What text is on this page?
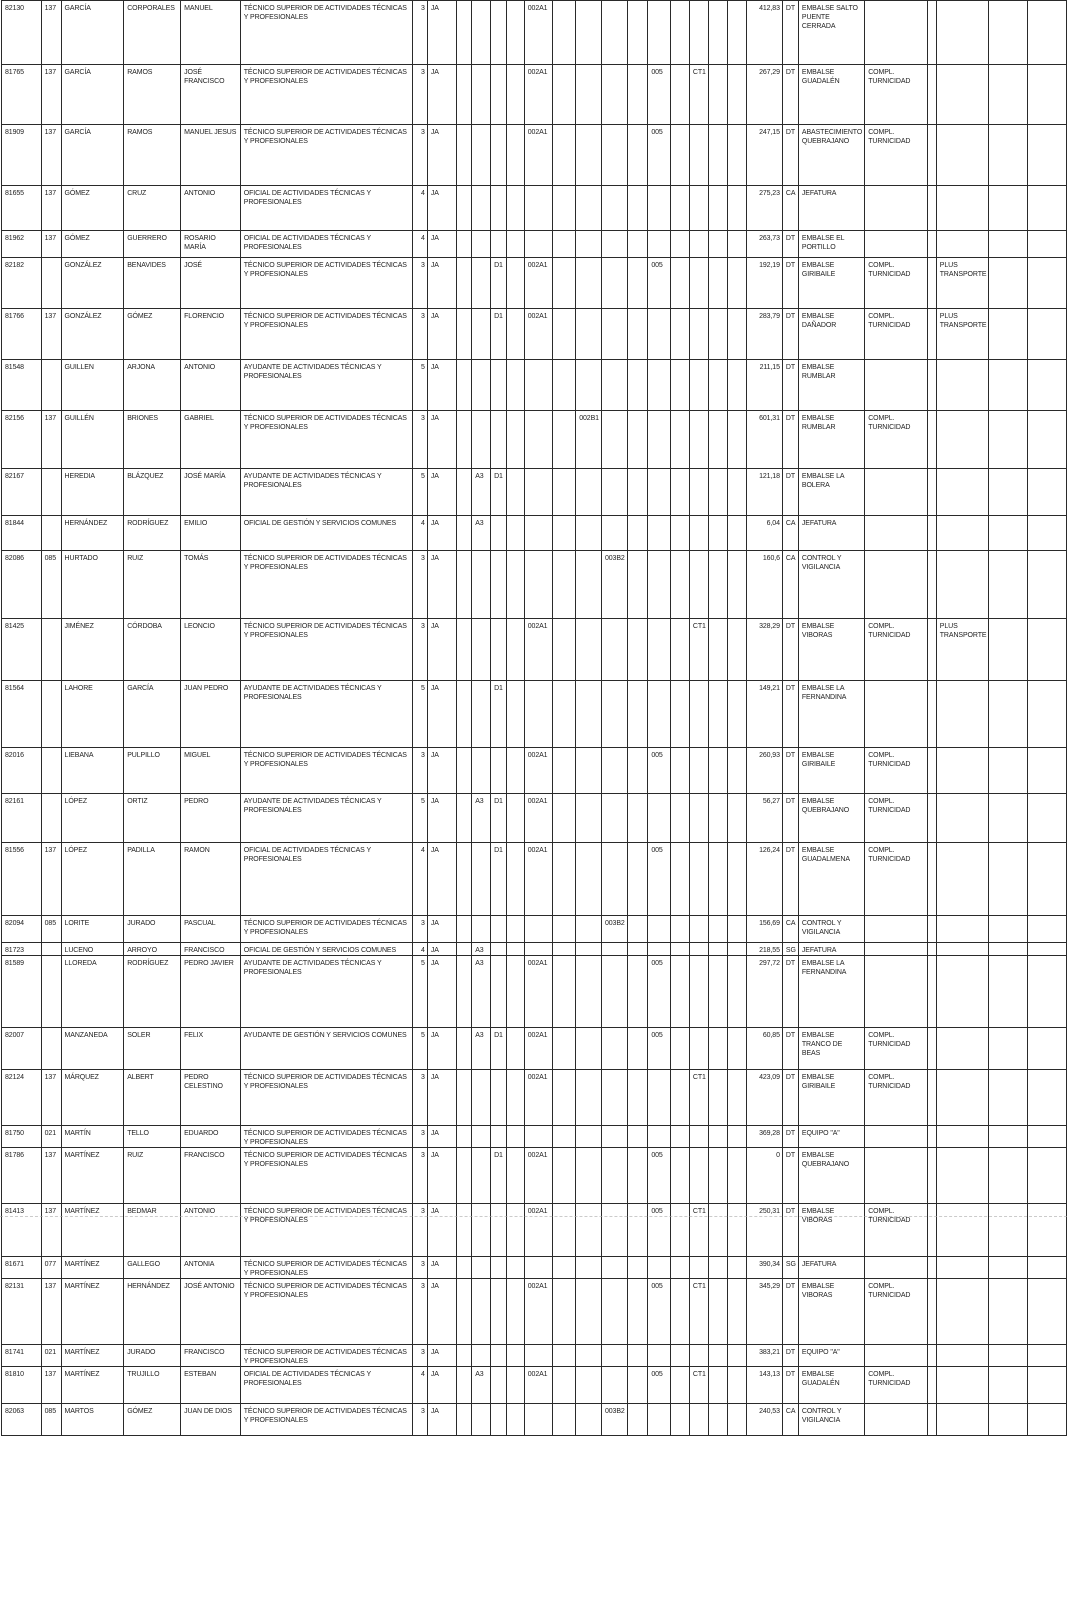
82130	137	GARCÍA	CORPORALES	MANUEL	TÉCNICO SUPERIOR DE ACTIVIDADES TÉCNICAS Y PROFESIONALES	3	JA					002A1										412,83	DT	EMBALSE SALTO PUENTE CERRADA					
81765	137	GARCÍA	RAMOS	JOSÉ FRANCISCO	TÉCNICO SUPERIOR DE ACTIVIDADES TÉCNICAS Y PROFESIONALES	3	JA					002A1					005		CT1			267,29	DT	EMBALSE GUADALÉN	COMPL. TURNICIDAD				
81909	137	GARCÍA	RAMOS	MANUEL JESUS	TÉCNICO SUPERIOR DE ACTIVIDADES TÉCNICAS Y PROFESIONALES	3	JA					002A1					005					247,15	DT	ABASTECIMIENTO QUEBRAJANO	COMPL. TURNICIDAD				
81655	137	GÓMEZ	CRUZ	ANTONIO	OFICIAL DE ACTIVIDADES TÉCNICAS Y PROFESIONALES	4	JA															275,23	CA	JEFATURA					
81962	137	GÓMEZ	GUERRERO	ROSARIO MARÍA	OFICIAL DE ACTIVIDADES TÉCNICAS Y PROFESIONALES	4	JA															263,73	DT	EMBALSE EL PORTILLO					
82182		GONZÁLEZ	BENAVIDES	JOSÉ	TÉCNICO SUPERIOR DE ACTIVIDADES TÉCNICAS Y PROFESIONALES	3	JA			D1		002A1					005					192,19	DT	EMBALSE GIRIBAILE	COMPL. TURNICIDAD		PLUS TRANSPORTE		
81766	137	GONZÁLEZ	GÓMEZ	FLORENCIO	TÉCNICO SUPERIOR DE ACTIVIDADES TÉCNICAS Y PROFESIONALES	3	JA			D1		002A1										283,79	DT	EMBALSE DAÑADOR	COMPL. TURNICIDAD		PLUS TRANSPORTE		
81548		GUILLEN	ARJONA	ANTONIO	AYUDANTE DE ACTIVIDADES TÉCNICAS Y PROFESIONALES	5	JA															211,15	DT	EMBALSE RUMBLAR					
82156	137	GUILLÉN	BRIONES	GABRIEL	TÉCNICO SUPERIOR DE ACTIVIDADES TÉCNICAS Y PROFESIONALES	3	JA							002B1								601,31	DT	EMBALSE RUMBLAR	COMPL. TURNICIDAD				
82167		HEREDIA	BLÁZQUEZ	JOSÉ MARÍA	AYUDANTE DE ACTIVIDADES TÉCNICAS Y PROFESIONALES	5	JA		A3	D1												121,18	DT	EMBALSE LA BOLERA					
81844		HERNÁNDEZ	RODRÍGUEZ	EMILIO	OFICIAL DE GESTIÓN Y SERVICIOS COMUNES	4	JA		A3													6,04	CA	JEFATURA					
82086	085	HURTADO	RUIZ	TOMÁS	TÉCNICO SUPERIOR DE ACTIVIDADES TÉCNICAS Y PROFESIONALES	3	JA								003B2							160,6	CA	CONTROL Y VIGILANCIA					
81425		JIMÉNEZ	CÓRDOBA	LEONCIO	TÉCNICO SUPERIOR DE ACTIVIDADES TÉCNICAS Y PROFESIONALES	3	JA					002A1							CT1			328,29	DT	EMBALSE VIBORAS	COMPL. TURNICIDAD		PLUS TRANSPORTE		
81564		LAHORE	GARCÍA	JUAN PEDRO	AYUDANTE DE ACTIVIDADES TÉCNICAS Y PROFESIONALES	5	JA			D1												149,21	DT	EMBALSE LA FERNANDINA					
82016		LIEBANA	PULPILLO	MIGUEL	TÉCNICO SUPERIOR DE ACTIVIDADES TÉCNICAS Y PROFESIONALES	3	JA					002A1					005					260,93	DT	EMBALSE GIRIBAILE	COMPL. TURNICIDAD				
82161		LÓPEZ	ORTIZ	PEDRO	AYUDANTE DE ACTIVIDADES TÉCNICAS Y PROFESIONALES	5	JA		A3	D1		002A1										56,27	DT	EMBALSE QUEBRAJANO	COMPL. TURNICIDAD				
81556	137	LÓPEZ	PADILLA	RAMON	OFICIAL DE ACTIVIDADES TÉCNICAS Y PROFESIONALES	4	JA			D1		002A1					005					126,24	DT	EMBALSE GUADALMENA	COMPL. TURNICIDAD				
82094	085	LORITE	JURADO	PASCUAL	TÉCNICO SUPERIOR DE ACTIVIDADES TÉCNICAS Y PROFESIONALES	3	JA								003B2							156,69	CA	CONTROL Y VIGILANCIA					
81723		LUCENO	ARROYO	FRANCISCO	OFICIAL DE GESTIÓN Y SERVICIOS COMUNES	4	JA		A3													218,55	SG	JEFATURA					
81589		LLOREDA	RODRÍGUEZ	PEDRO JAVIER	AYUDANTE DE ACTIVIDADES TÉCNICAS Y PROFESIONALES	5	JA		A3			002A1					005					297,72	DT	EMBALSE LA FERNANDINA					
82007		MANZANEDA	SOLER	FELIX	AYUDANTE DE GESTIÓN Y SERVICIOS COMUNES	5	JA		A3	D1		002A1					005					60,85	DT	EMBALSE TRANCO DE BEAS	COMPL. TURNICIDAD				
82124	137	MÁRQUEZ	ALBERT	PEDRO CELESTINO	TÉCNICO SUPERIOR DE ACTIVIDADES TÉCNICAS Y PROFESIONALES	3	JA					002A1							CT1			423,09	DT	EMBALSE GIRIBAILE	COMPL. TURNICIDAD				
81750	021	MARTÍN	TELLO	EDUARDO	TÉCNICO SUPERIOR DE ACTIVIDADES TÉCNICAS Y PROFESIONALES	3	JA															369,28	DT	EQUIPO "A"					
81786	137	MARTÍNEZ	RUIZ	FRANCISCO	TÉCNICO SUPERIOR DE ACTIVIDADES TÉCNICAS Y PROFESIONALES	3	JA			D1		002A1					005					0	DT	EMBALSE QUEBRAJANO					
81413	137	MARTÍNEZ	BEDMAR	ANTONIO	TÉCNICO SUPERIOR DE ACTIVIDADES TÉCNICAS Y PROFESIONALES	3	JA					002A1					005		CT1			250,31	DT	EMBALSE VIBORAS	COMPL. TURNICIDAD				
81671	077	MARTÍNEZ	GALLEGO	ANTONIA	TÉCNICO SUPERIOR DE ACTIVIDADES TÉCNICAS Y PROFESIONALES	3	JA															390,34	SG	JEFATURA					
82131	137	MARTÍNEZ	HERNÁNDEZ	JOSÉ ANTONIO	TÉCNICO SUPERIOR DE ACTIVIDADES TÉCNICAS Y PROFESIONALES	3	JA					002A1					005		CT1			345,29	DT	EMBALSE VIBORAS	COMPL. TURNICIDAD				
81741	021	MARTÍNEZ	JURADO	FRANCISCO	TÉCNICO SUPERIOR DE ACTIVIDADES TÉCNICAS Y PROFESIONALES	3	JA															383,21	DT	EQUIPO "A"					
81810	137	MARTÍNEZ	TRUJILLO	ESTEBAN	OFICIAL DE ACTIVIDADES TÉCNICAS Y PROFESIONALES	4	JA		A3			002A1					005		CT1			143,13	DT	EMBALSE GUADALÉN	COMPL. TURNICIDAD				
82063	085	MARTOS	GÓMEZ	JUAN DE DIOS	TÉCNICO SUPERIOR DE ACTIVIDADES TÉCNICAS Y PROFESIONALES	3	JA								003B2							240,53	CA	CONTROL Y VIGILANCIA					
